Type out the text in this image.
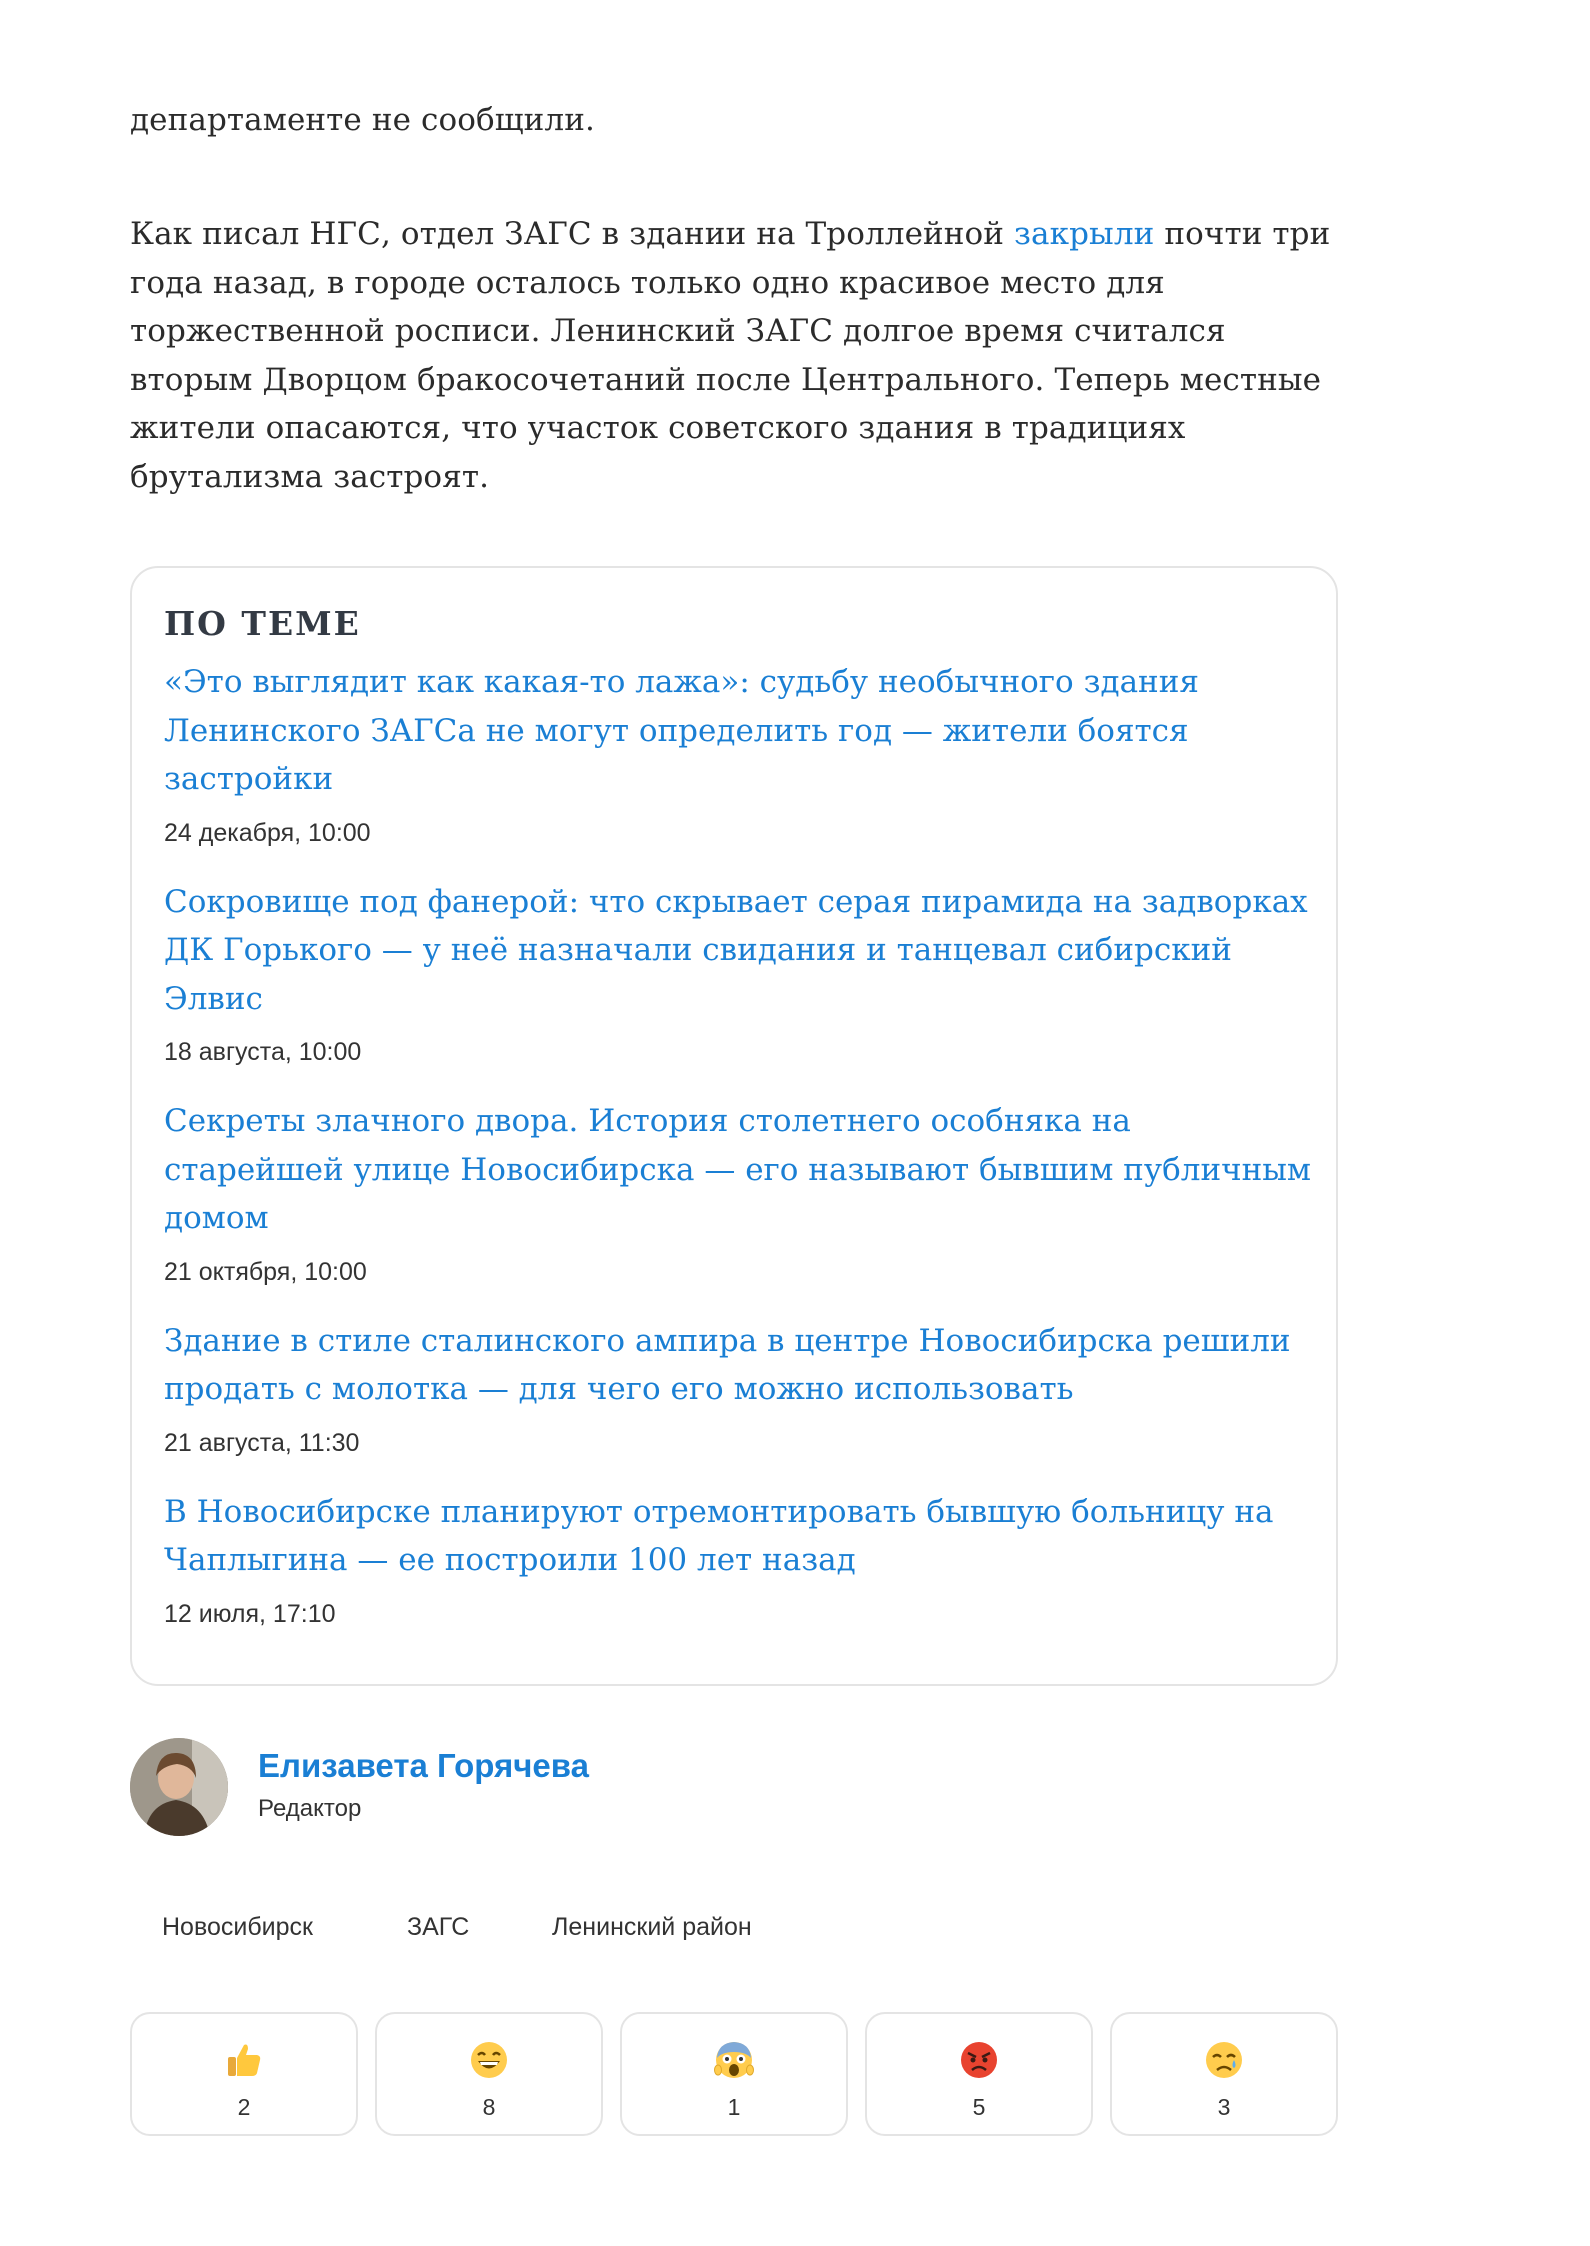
департаменте не сообщили.

Как писал НГС, отдел ЗАГС в здании на Троллейной закрыли почти три года назад, в городе осталось только одно красивое место для торжественной росписи. Ленинский ЗАГС долгое время считался вторым Дворцом бракосочетаний после Центрального. Теперь местные жители опасаются, что участок советского здания в традициях брутализма застроят.

ПО ТЕМЕ
«Это выглядит как какая-то лажа»: судьбу необычного здания Ленинского ЗАГСа не могут определить год — жители боятся застройки
24 декабря, 10:00
Сокровище под фанерой: что скрывает серая пирамида на задворках ДК Горького — у неё назначали свидания и танцевал сибирский Элвис
18 августа, 10:00
Секреты злачного двора. История столетнего особняка на старейшей улице Новосибирска — его называют бывшим публичным домом
21 октября, 10:00
Здание в стиле сталинского ампира в центре Новосибирска решили продать с молотка — для чего его можно использовать
21 августа, 11:30
В Новосибирске планируют отремонтировать бывшую больницу на Чаплыгина — ее построили 100 лет назад
12 июля, 17:10
Елизавета Горячева
Редактор
Новосибирск	ЗАГС	Ленинский район
2	8	1	5	3
